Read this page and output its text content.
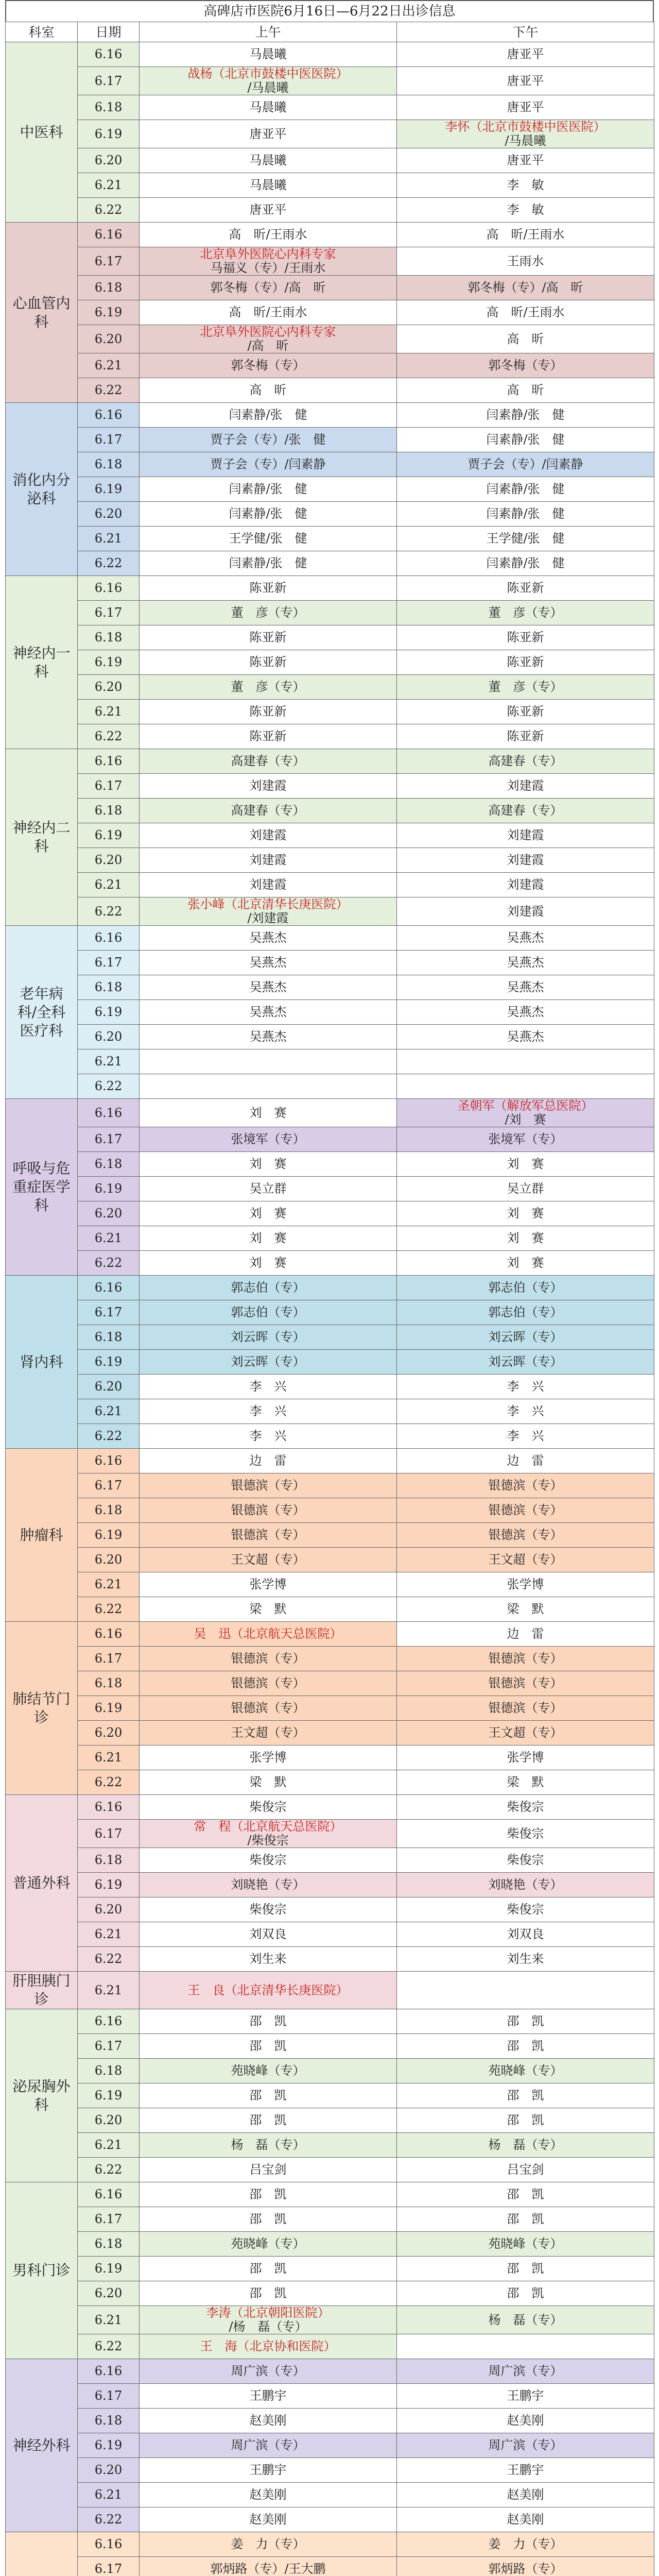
高碑店市医院6月16日—6月22日出诊信息
科室	日期	上午	下午
中医科	6.16	马晨曦	唐亚平

	6.17	战杨（北京市鼓楼中医医院）
/马晨曦	唐亚平

	6.18	马晨曦	唐亚平

	6.19	唐亚平	李怀（北京市鼓楼中医医院）
/马晨曦

	6.20	马晨曦	唐亚平

	6.21	马晨曦	李　敏

	6.22	唐亚平	李　敏

心血管内科	6.16	高　昕/王雨水	高　昕/王雨水

	6.17	北京阜外医院心内科专家
马福义（专）/王雨水	王雨水

	6.18	郭冬梅（专）/高　昕	郭冬梅（专）/高　昕

	6.19	高　昕/王雨水	高　昕/王雨水

	6.20	北京阜外医院心内科专家
/高　昕	高　昕

	6.21	郭冬梅（专）	郭冬梅（专）

	6.22	高　昕	高　昕

消化内分泌科	6.16	闫素静/张　健	闫素静/张　健

	6.17	贾子会（专）/张　健	闫素静/张　健

	6.18	贾子会（专）/闫素静	贾子会（专）/闫素静

	6.19	闫素静/张　健	闫素静/张　健

	6.20	闫素静/张　健	闫素静/张　健

	6.21	王学健/张　健	王学健/张　健

	6.22	闫素静/张　健	闫素静/张　健

神经内一科	6.16	陈亚新	陈亚新

	6.17	董　彦（专）	董　彦（专）

	6.18	陈亚新	陈亚新

	6.19	陈亚新	陈亚新

	6.20	董　彦（专）	董　彦（专）

	6.21	陈亚新	陈亚新

	6.22	陈亚新	陈亚新

神经内二科	6.16	高建春（专）	高建春（专）

	6.17	刘建霞	刘建霞

	6.18	高建春（专）	高建春（专）

	6.19	刘建霞	刘建霞

	6.20	刘建霞	刘建霞

	6.21	刘建霞	刘建霞

	6.22	张小峰（北京清华长庚医院）
/刘建霞	刘建霞

老年病科/全科医疗科	6.16	吴燕杰	吴燕杰

	6.17	吴燕杰	吴燕杰

	6.18	吴燕杰	吴燕杰

	6.19	吴燕杰	吴燕杰

	6.20	吴燕杰	吴燕杰

	6.21	

	6.22	

呼吸与危重症医学科	6.16	刘　赛	圣朝军（解放军总医院）
/刘　赛

	6.17	张境军（专）	张境军（专）

	6.18	刘　赛	刘　赛

	6.19	吴立群	吴立群

	6.20	刘　赛	刘　赛

	6.21	刘　赛	刘　赛

	6.22	刘　赛	刘　赛

肾内科	6.16	郭志伯（专）	郭志伯（专）

	6.17	郭志伯（专）	郭志伯（专）

	6.18	刘云晖（专）	刘云晖（专）

	6.19	刘云晖（专）	刘云晖（专）

	6.20	李　兴	李　兴

	6.21	李　兴	李　兴

	6.22	李　兴	李　兴

肿瘤科	6.16	边　雷	边　雷

	6.17	银德滨（专）	银德滨（专）

	6.18	银德滨（专）	银德滨（专）

	6.19	银德滨（专）	银德滨（专）

	6.20	王文超（专）	王文超（专）

	6.21	张学博	张学博

	6.22	梁　默	梁　默

肺结节门诊	6.16	吴　迅（北京航天总医院）	边　雷

	6.17	银德滨（专）	银德滨（专）

	6.18	银德滨（专）	银德滨（专）

	6.19	银德滨（专）	银德滨（专）

	6.20	王文超（专）	王文超（专）

	6.21	张学博	张学博

	6.22	梁　默	梁　默

普通外科	6.16	柴俊宗	柴俊宗

	6.17	常　程（北京航天总医院）
/柴俊宗	柴俊宗

	6.18	柴俊宗	柴俊宗

	6.19	刘晓艳（专）	刘晓艳（专）

	6.20	柴俊宗	柴俊宗

	6.21	刘双良	刘双良

	6.22	刘生来	刘生来

肝胆胰门诊	6.21	王　良（北京清华长庚医院）	

泌尿胸外科	6.16	邵　凯	邵　凯

	6.17	邵　凯	邵　凯

	6.18	苑晓峰（专）	苑晓峰（专）

	6.19	邵　凯	邵　凯

	6.20	邵　凯	邵　凯

	6.21	杨　磊（专）	杨　磊（专）

	6.22	吕宝剑	吕宝剑

男科门诊	6.16	邵　凯	邵　凯

	6.17	邵　凯	邵　凯

	6.18	苑晓峰（专）	苑晓峰（专）

	6.19	邵　凯	邵　凯

	6.20	邵　凯	邵　凯

	6.21	李涛（北京朝阳医院）
/杨　磊（专）	杨　磊（专）

	6.22	王　海（北京协和医院）	

神经外科	6.16	周广滨（专）	周广滨（专）

	6.17	王鹏宇	王鹏宇

	6.18	赵美刚	赵美刚

	6.19	周广滨（专）	周广滨（专）

	6.20	王鹏宇	王鹏宇

	6.21	赵美刚	赵美刚

	6.22	赵美刚	赵美刚

	6.16	姜　力（专）	姜　力（专）

	6.17	郭炳路（专）/王大鹏	郭炳路（专）
